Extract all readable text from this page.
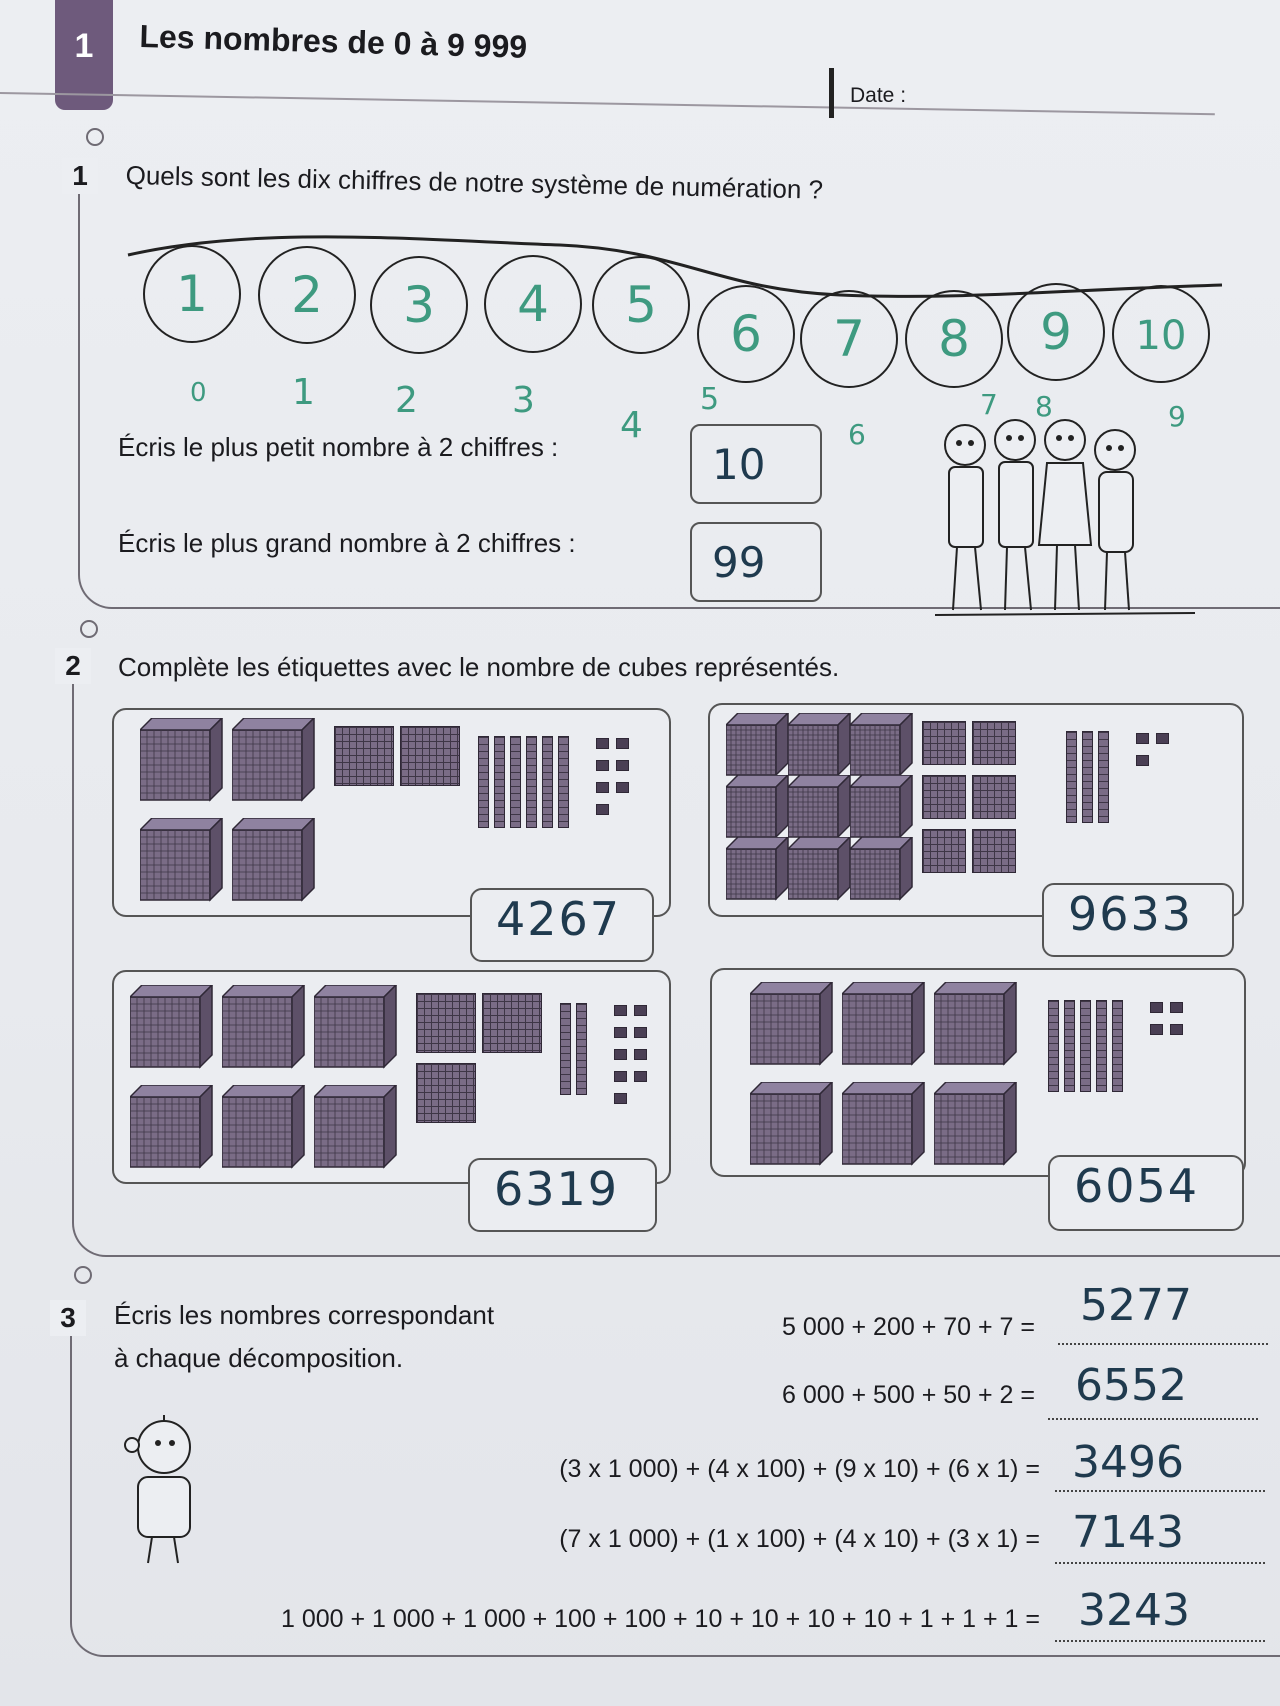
1	Les nombres de 0 à 9 999
Date :
1	Quels sont les dix chiffres de notre système de numération ?
1	2	3	4	5	6	7	8	9	10
0 1 2	3
4
5
6
7 8	9
Écris le plus petit nombre à 2 chiffres :	10
Écris le plus grand nombre à 2 chiffres :	99
2	Complète les étiquettes avec le nombre de cubes représentés.
4267	9633
6319	6054
3	Écris les nombres correspondant
à chaque décomposition.
5 000 + 200 + 70 + 7 = 5277
6 000 + 500 + 50 + 2 = 6552
(3 x 1 000) + (4 x 100) + (9 x 10) + (6 x 1) = 3496
(7 x 1 000) + (1 x 100) + (4 x 10) + (3 x 1) = 7143
1 000 + 1 000 + 1 000 + 100 + 100 + 10 + 10 + 10 + 10 + 1 + 1 + 1 = 3243
